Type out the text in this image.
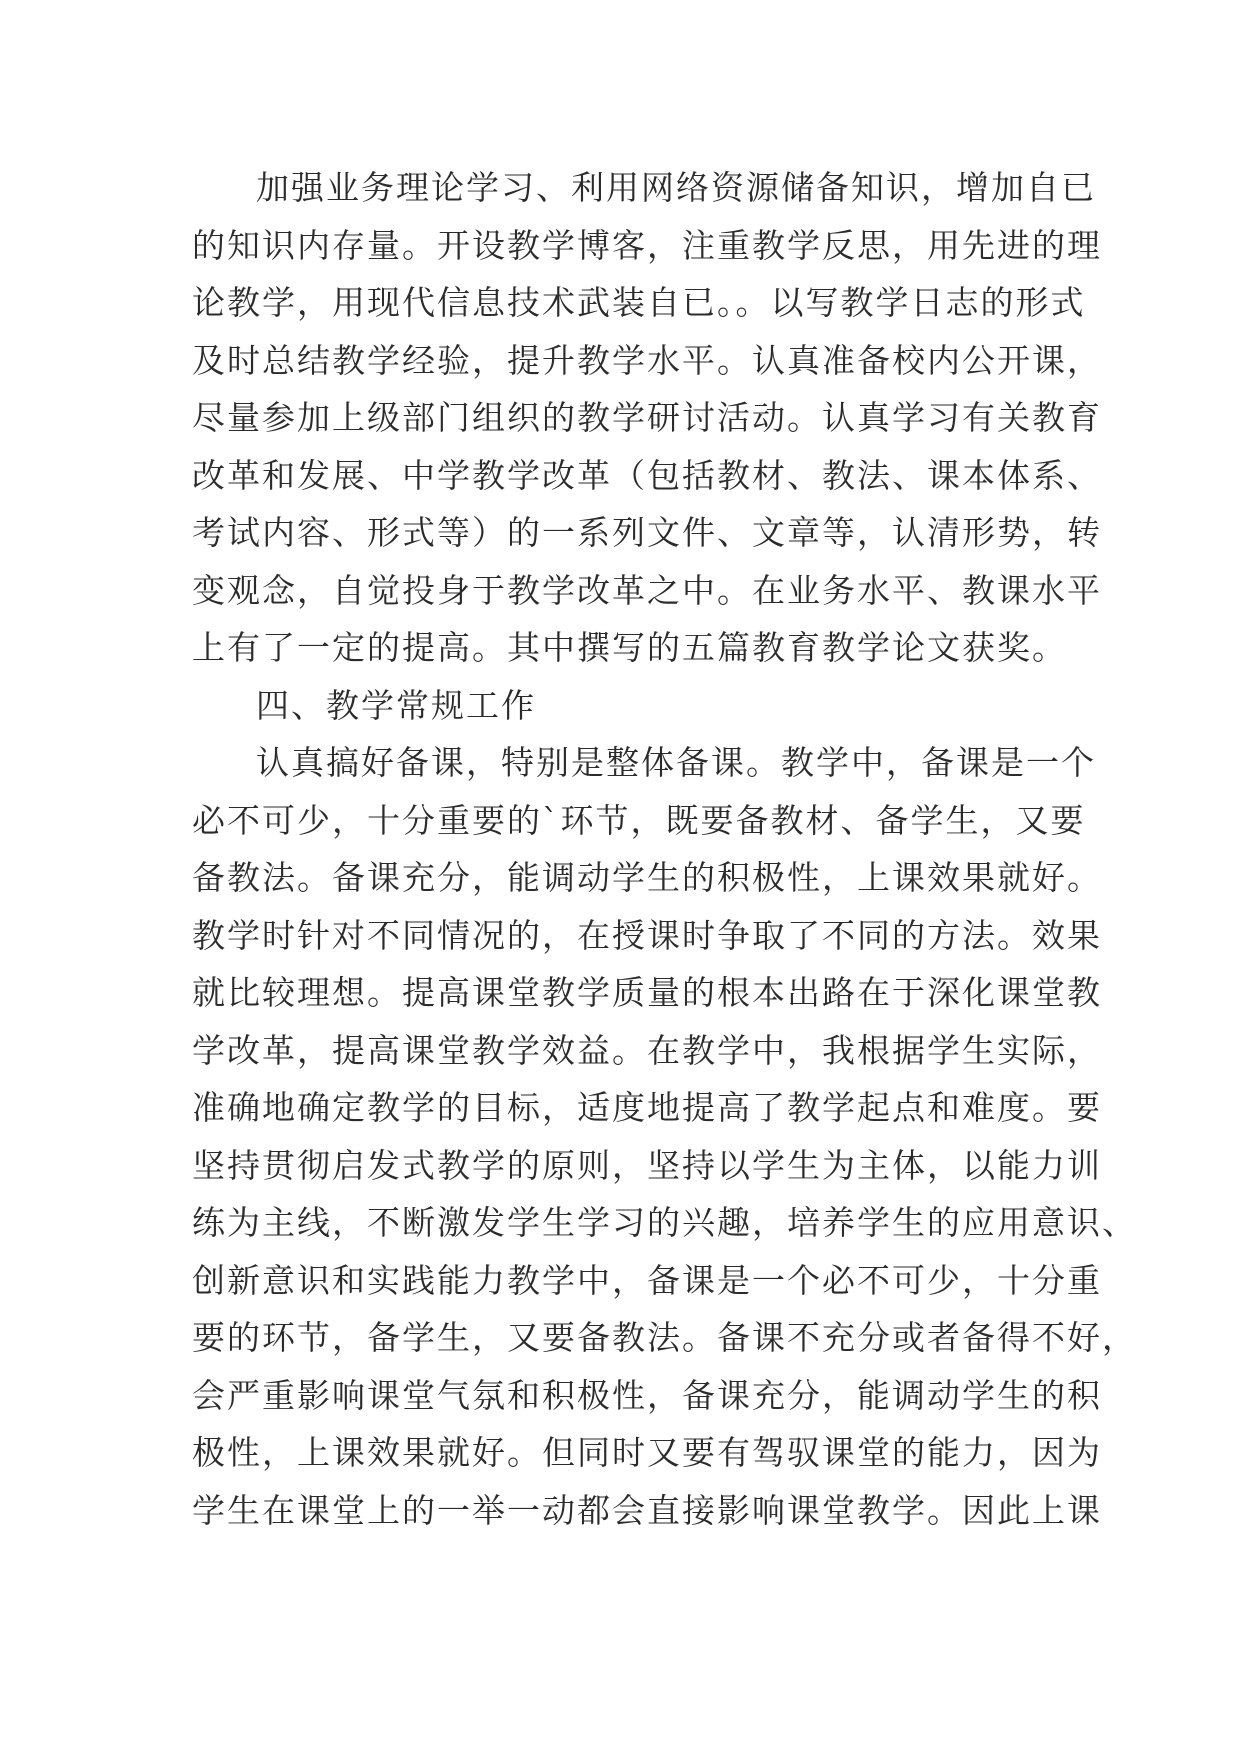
加强业务理论学习、利用网络资源储备知识，增加自已
的知识内存量。开设教学博客，注重教学反思，用先进的理
论教学，用现代信息技术武装自已。。以写教学日志的形式
及时总结教学经验，提升教学水平。认真准备校内公开课，
尽量参加上级部门组织的教学研讨活动。认真学习有关教育
改革和发展、中学教学改革（包括教材、教法、课本体系、
考试内容、形式等）的一系列文件、文章等，认清形势，转
变观念，自觉投身于教学改革之中。在业务水平、教课水平
上有了一定的提高。其中撰写的五篇教育教学论文获奖。
四、教学常规工作
认真搞好备课，特别是整体备课。教学中，备课是一个
必不可少，十分重要的`环节，既要备教材、备学生，又要
备教法。备课充分，能调动学生的积极性，上课效果就好。
教学时针对不同情况的，在授课时争取了不同的方法。效果
就比较理想。提高课堂教学质量的根本出路在于深化课堂教
学改革，提高课堂教学效益。在教学中，我根据学生实际，
准确地确定教学的目标，适度地提高了教学起点和难度。要
坚持贯彻启发式教学的原则，坚持以学生为主体，以能力训
练为主线，不断激发学生学习的兴趣，培养学生的应用意识、
创新意识和实践能力教学中，备课是一个必不可少，十分重
要的环节，备学生，又要备教法。备课不充分或者备得不好，
会严重影响课堂气氛和积极性，备课充分，能调动学生的积
极性，上课效果就好。但同时又要有驾驭课堂的能力，因为
学生在课堂上的一举一动都会直接影响课堂教学。因此上课
